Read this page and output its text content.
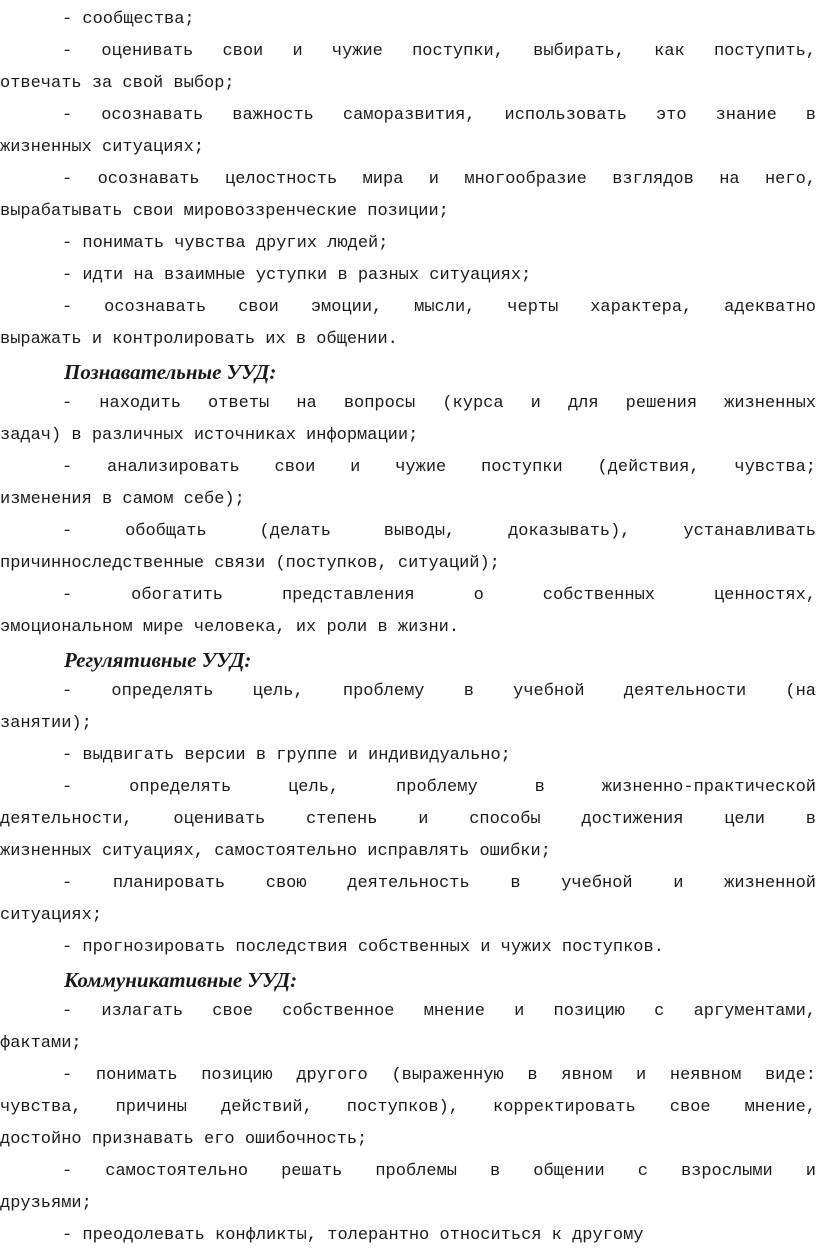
- сообщества;
- оценивать свои и чужие поступки, выбирать, как поступить,
отвечать за свой выбор;
- осознавать важность саморазвития, использовать это знание в
жизненных ситуациях;
- осознавать целостность мира и многообразие взглядов на него,
вырабатывать свои мировоззренческие позиции;
- понимать чувства других людей;
- идти на взаимные уступки в разных ситуациях;
- осознавать свои эмоции, мысли, черты характера, адекватно
выражать и контролировать их в общении.
Познавательные УУД:
- находить ответы на вопросы (курса и для решения жизненных
задач) в различных источниках информации;
- анализировать свои и чужие поступки (действия, чувства;
изменения в самом себе);
- обобщать (делать выводы, доказывать), устанавливать
причинноследственные связи (поступков, ситуаций);
- обогатить представления о собственных ценностях,
эмоциональном мире человека, их роли в жизни.
Регулятивные УУД:
- определять цель, проблему в учебной деятельности (на
занятии);
- выдвигать версии в группе и индивидуально;
- определять цель, проблему в жизненно-практической
деятельности, оценивать степень и способы достижения цели в
жизненных ситуациях, самостоятельно исправлять ошибки;
- планировать свою деятельность в учебной и жизненной
ситуациях;
- прогнозировать последствия собственных и чужих поступков.
Коммуникативные УУД:
- излагать свое собственное мнение и позицию с аргументами,
фактами;
- понимать позицию другого (выраженную в явном и неявном виде:
чувства, причины действий, поступков), корректировать свое мнение,
достойно признавать его ошибочность;
- самостоятельно решать проблемы в общении с взрослыми и
друзьями;
- преодолевать конфликты, толерантно относиться к другому
